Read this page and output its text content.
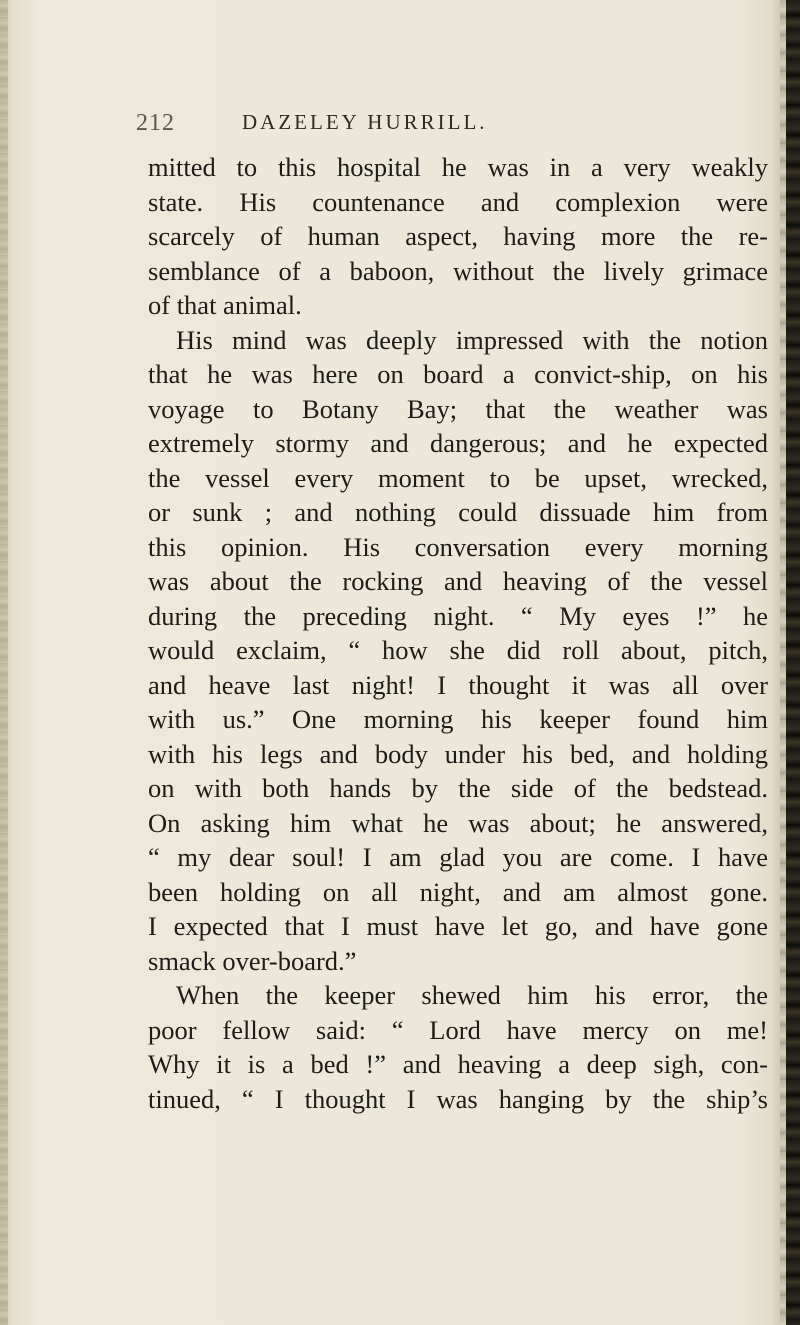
212	DAZELEY HURRILL.
mitted to this hospital he was in a very weakly
state. His countenance and complexion were
scarcely of human aspect, having more the re-
semblance of a baboon, without the lively grimace
of that animal.
His mind was deeply impressed with the notion
that he was here on board a convict-ship, on his
voyage to Botany Bay; that the weather was
extremely stormy and dangerous; and he expected
the vessel every moment to be upset, wrecked,
or sunk ; and nothing could dissuade him from
this opinion. His conversation every morning
was about the rocking and heaving of the vessel
during the preceding night. “ My eyes !” he
would exclaim, “ how she did roll about, pitch,
and heave last night! I thought it was all over
with us.” One morning his keeper found him
with his legs and body under his bed, and holding
on with both hands by the side of the bedstead.
On asking him what he was about; he answered,
“ my dear soul! I am glad you are come. I have
been holding on all night, and am almost gone.
I expected that I must have let go, and have gone
smack over-board.”
When the keeper shewed him his error, the
poor fellow said: “ Lord have mercy on me!
Why it is a bed !” and heaving a deep sigh, con-
tinued, “ I thought I was hanging by the ship’s
